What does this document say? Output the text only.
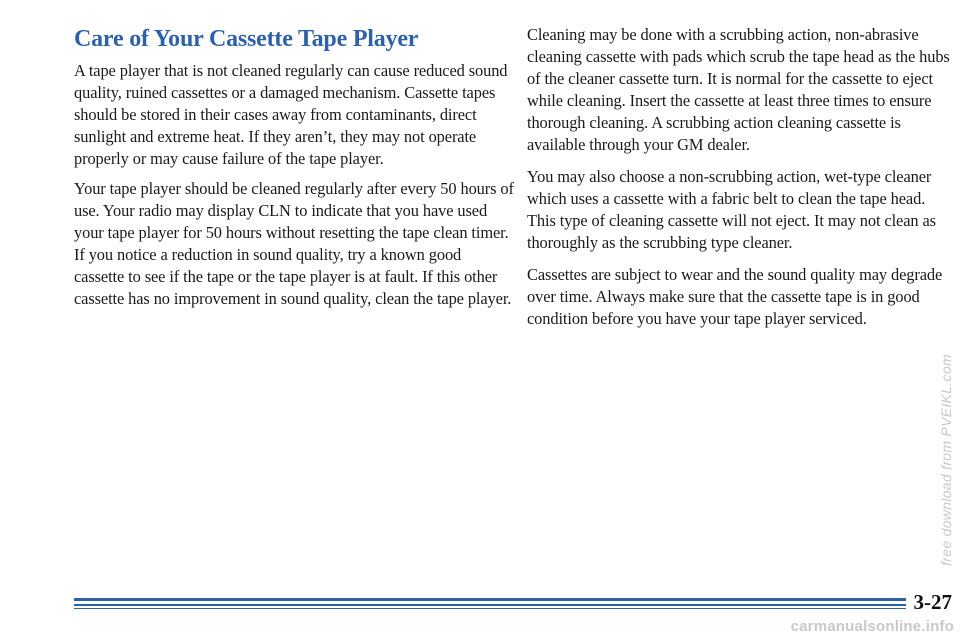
Care of Your Cassette Tape Player

A tape player that is not cleaned regularly can cause reduced sound quality, ruined cassettes or a damaged mechanism. Cassette tapes should be stored in their cases away from contaminants, direct sunlight and extreme heat. If they aren’t, they may not operate properly or may cause failure of the tape player.

Your tape player should be cleaned regularly after every 50 hours of use. Your radio may display CLN to indicate that you have used your tape player for 50 hours without resetting the tape clean timer. If you notice a reduction in sound quality, try a known good cassette to see if the tape or the tape player is at fault. If this other cassette has no improvement in sound quality, clean the tape player.

Cleaning may be done with a scrubbing action, non-abrasive cleaning cassette with pads which scrub the tape head as the hubs of the cleaner cassette turn. It is normal for the cassette to eject while cleaning. Insert the cassette at least three times to ensure thorough cleaning. A scrubbing action cleaning cassette is available through your GM dealer.

You may also choose a non-scrubbing action, wet-type cleaner which uses a cassette with a fabric belt to clean the tape head. This type of cleaning cassette will not eject. It may not clean as thoroughly as the scrubbing type cleaner.

Cassettes are subject to wear and the sound quality may degrade over time. Always make sure that the cassette tape is in good condition before you have your tape player serviced.

3-27
free download from PVEIKL.com
carmanualsonline.info
